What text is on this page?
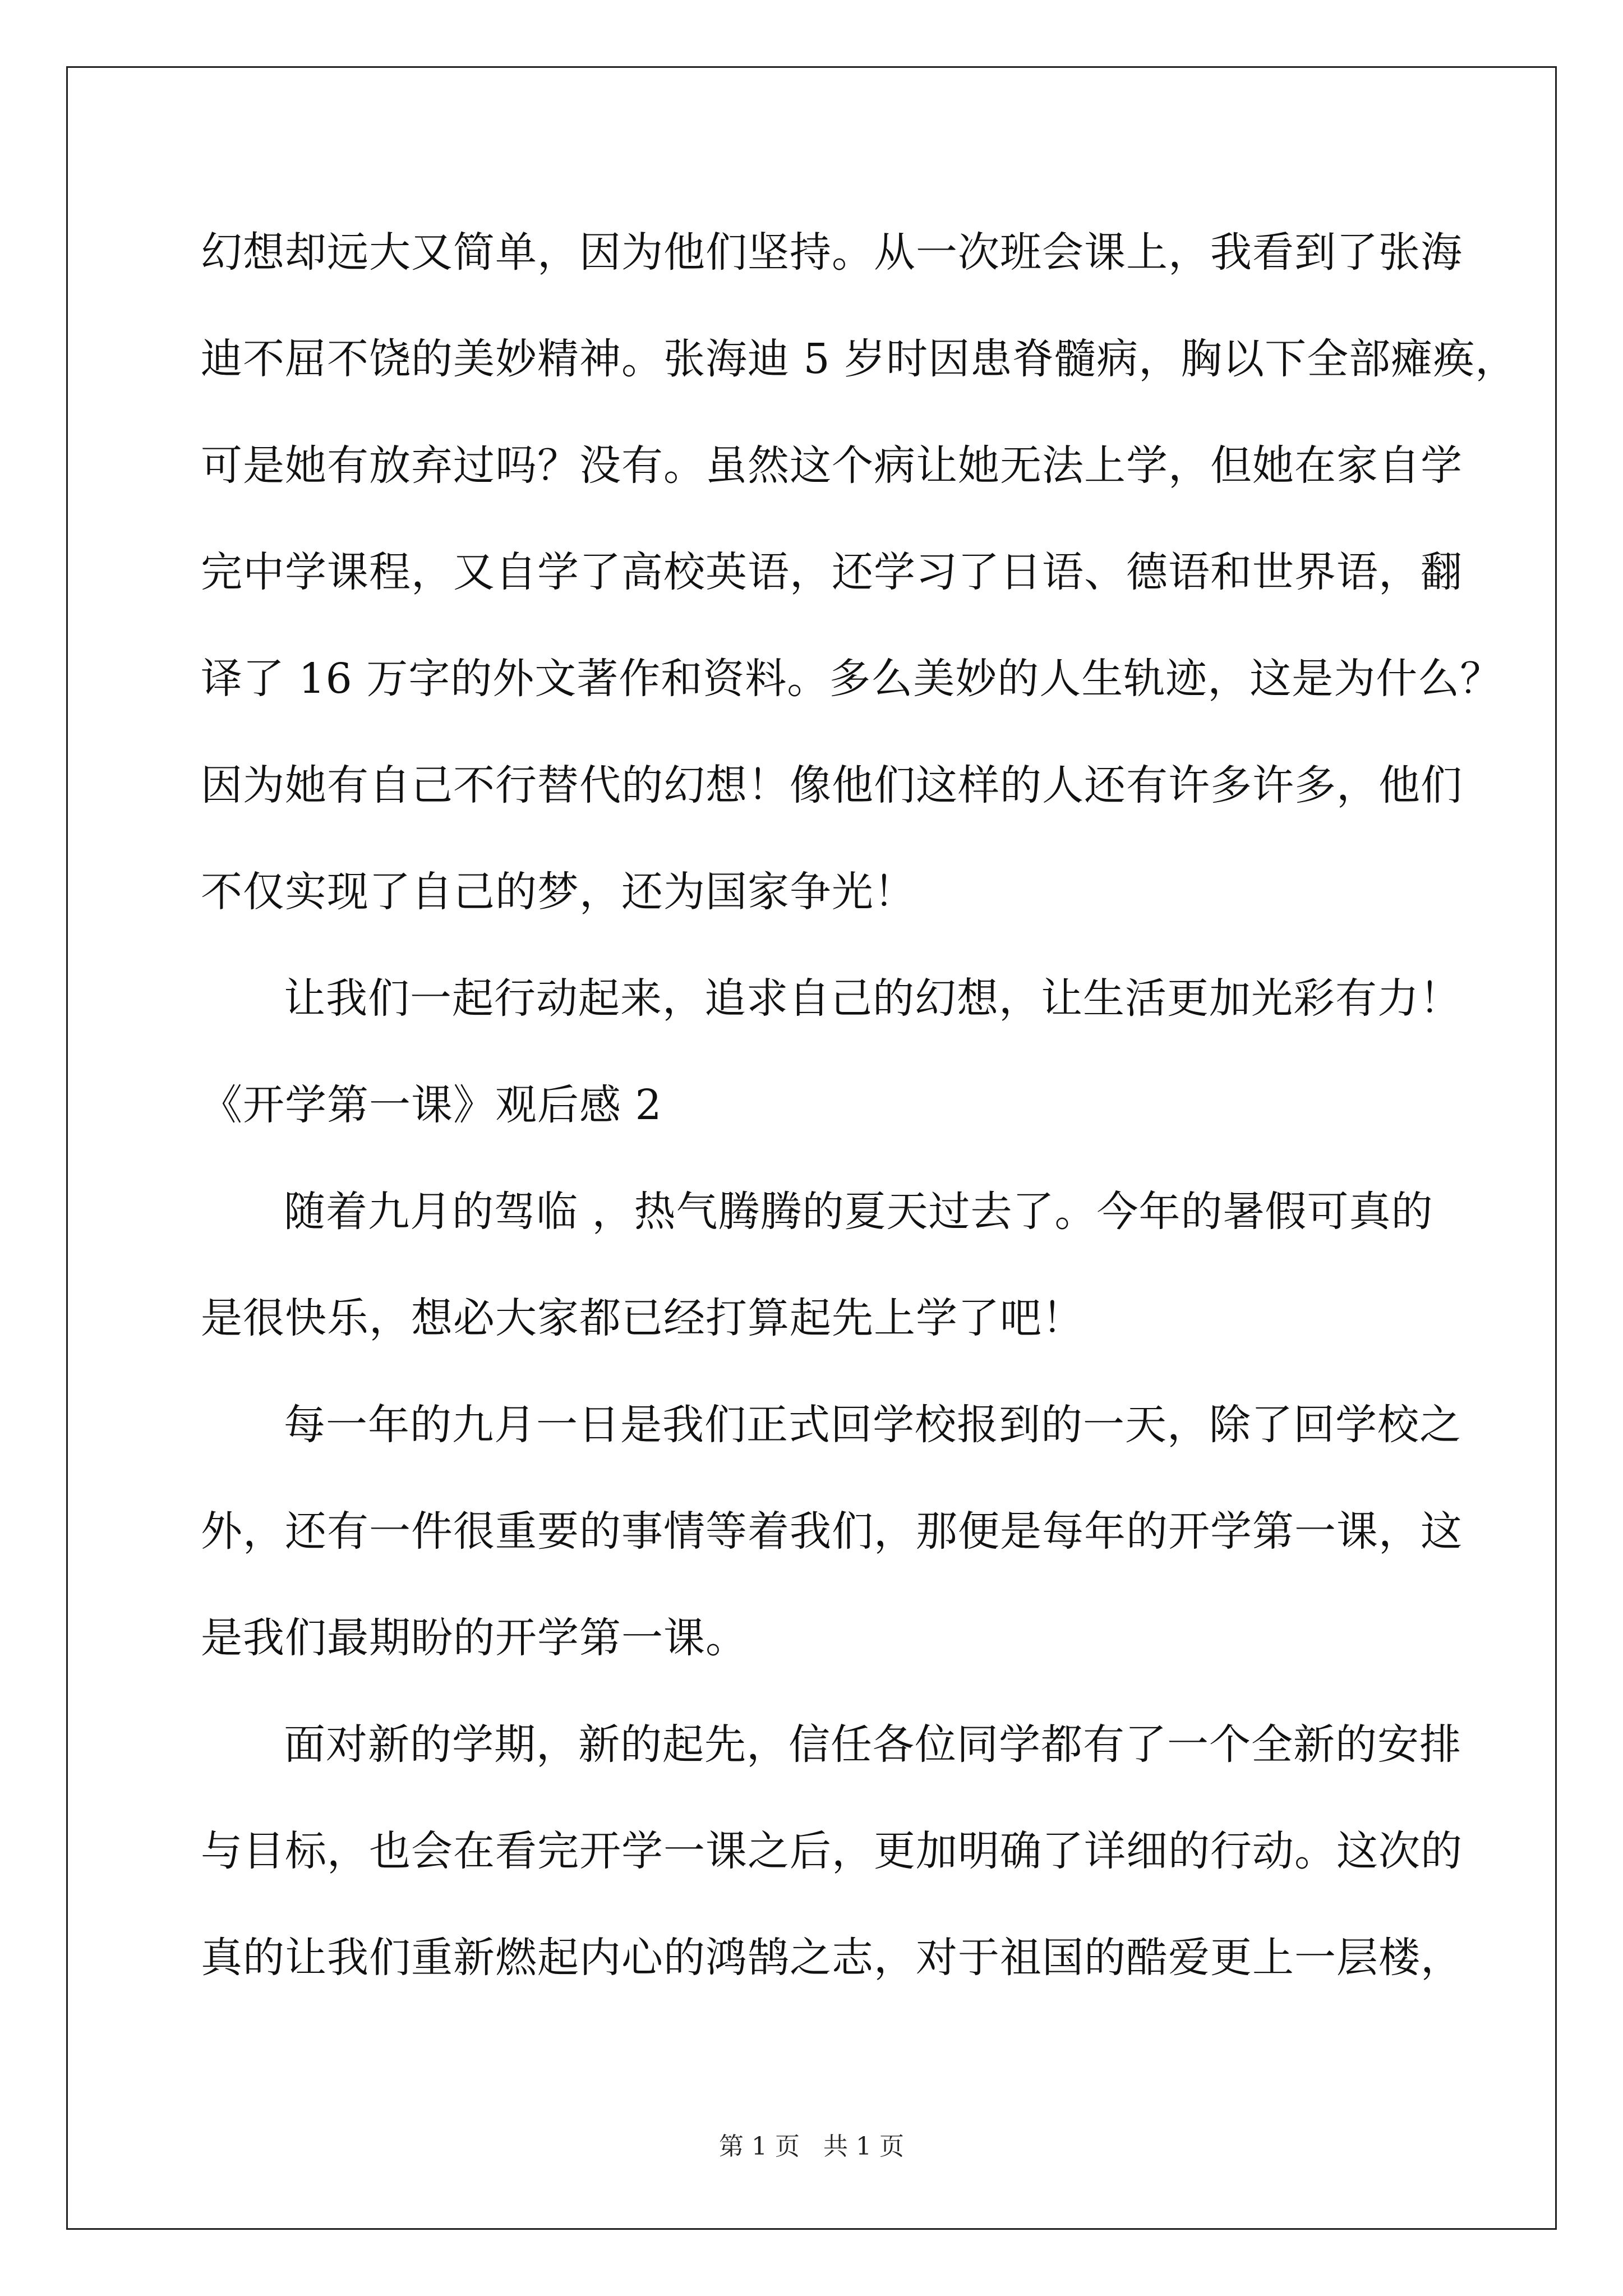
幻想却远大又简单，因为他们坚持。从一次班会课上，我看到了张海
迪不屈不饶的美妙精神。张海迪 5 岁时因患脊髓病，胸以下全部瘫痪，
可是她有放弃过吗？没有。虽然这个病让她无法上学，但她在家自学
完中学课程，又自学了高校英语，还学习了日语、德语和世界语，翻
译了 16 万字的外文著作和资料。多么美妙的人生轨迹，这是为什么？
因为她有自己不行替代的幻想！像他们这样的人还有许多许多，他们
不仅实现了自己的梦，还为国家争光！
让我们一起行动起来，追求自己的幻想，让生活更加光彩有力！
《开学第一课》观后感 2
随着九月的驾临 ，热气腾腾的夏天过去了。今年的暑假可真的
是很快乐，想必大家都已经打算起先上学了吧！
每一年的九月一日是我们正式回学校报到的一天，除了回学校之
外，还有一件很重要的事情等着我们，那便是每年的开学第一课，这
是我们最期盼的开学第一课。
面对新的学期，新的起先，信任各位同学都有了一个全新的安排
与目标，也会在看完开学一课之后，更加明确了详细的行动。这次的
真的让我们重新燃起内心的鸿鹄之志，对于祖国的酷爱更上一层楼，
第 1 页   共 1 页
